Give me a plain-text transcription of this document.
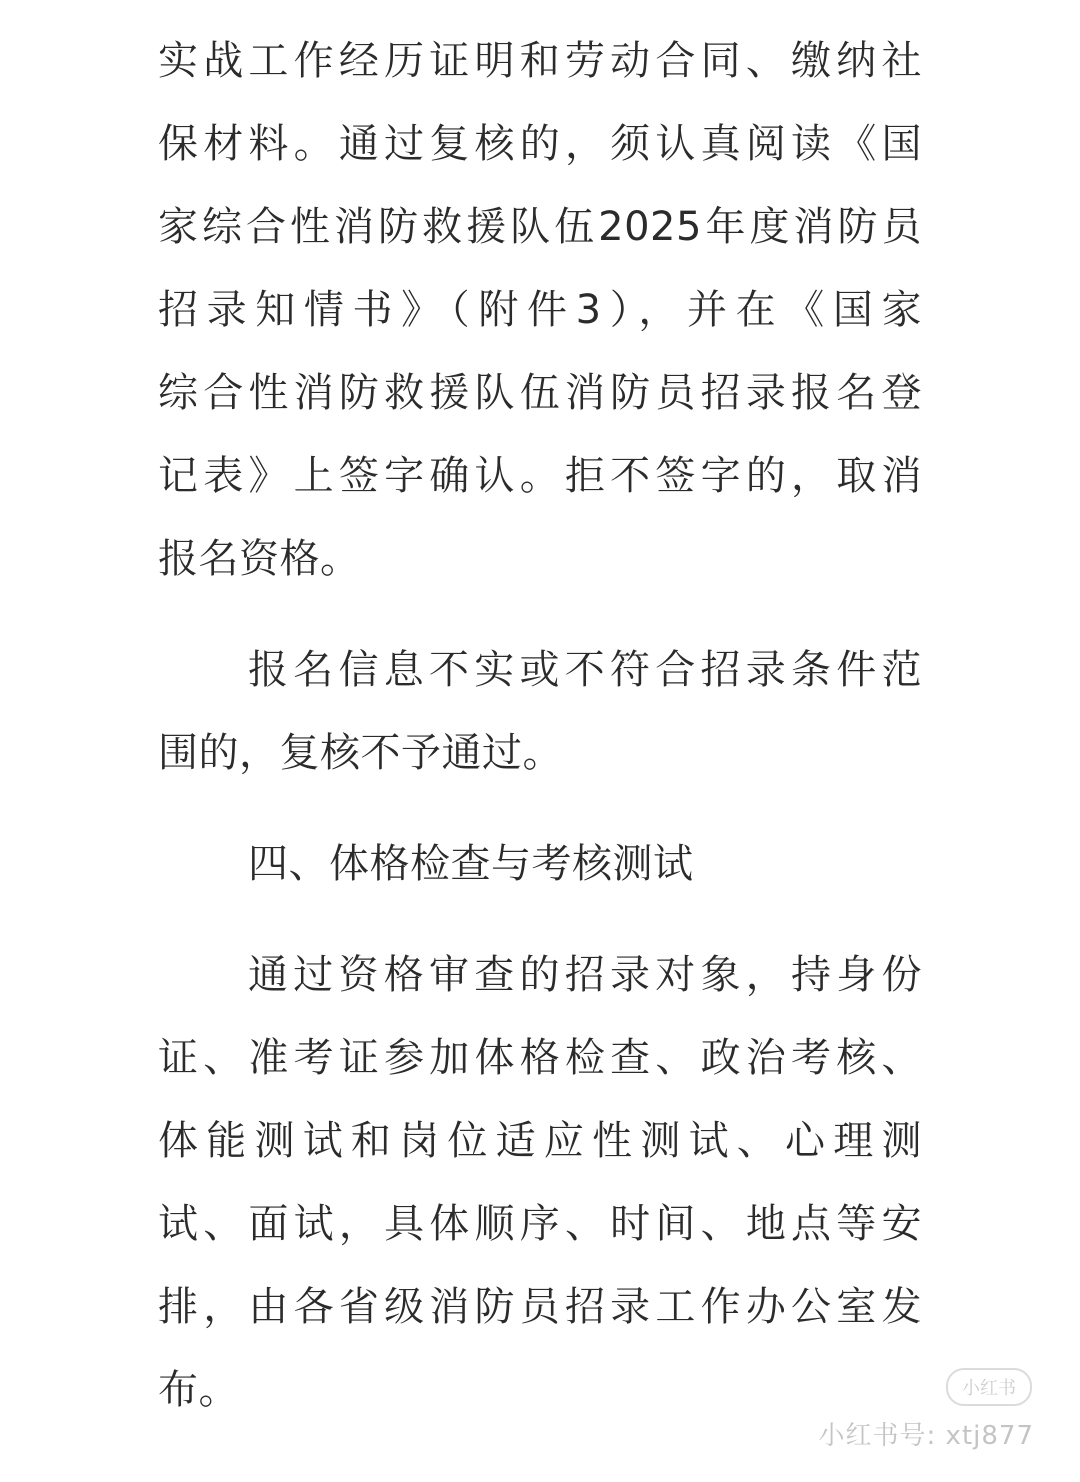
实战工作经历证明和劳动合同、缴纳社
保材料。通过复核的，须认真阅读《国
家综合性消防救援队伍2025年度消防员
招录知情书》（附件3），并在《国家
综合性消防救援队伍消防员招录报名登
记表》上签字确认。拒不签字的，取消
报名资格。
报名信息不实或不符合招录条件范
围的，复核不予通过。
四、体格检查与考核测试
通过资格审查的招录对象，持身份
证、准考证参加体格检查、政治考核、
体能测试和岗位适应性测试、心理测
试、面试，具体顺序、时间、地点等安
排，由各省级消防员招录工作办公室发
布。	小红书
小红书号: xtj877
